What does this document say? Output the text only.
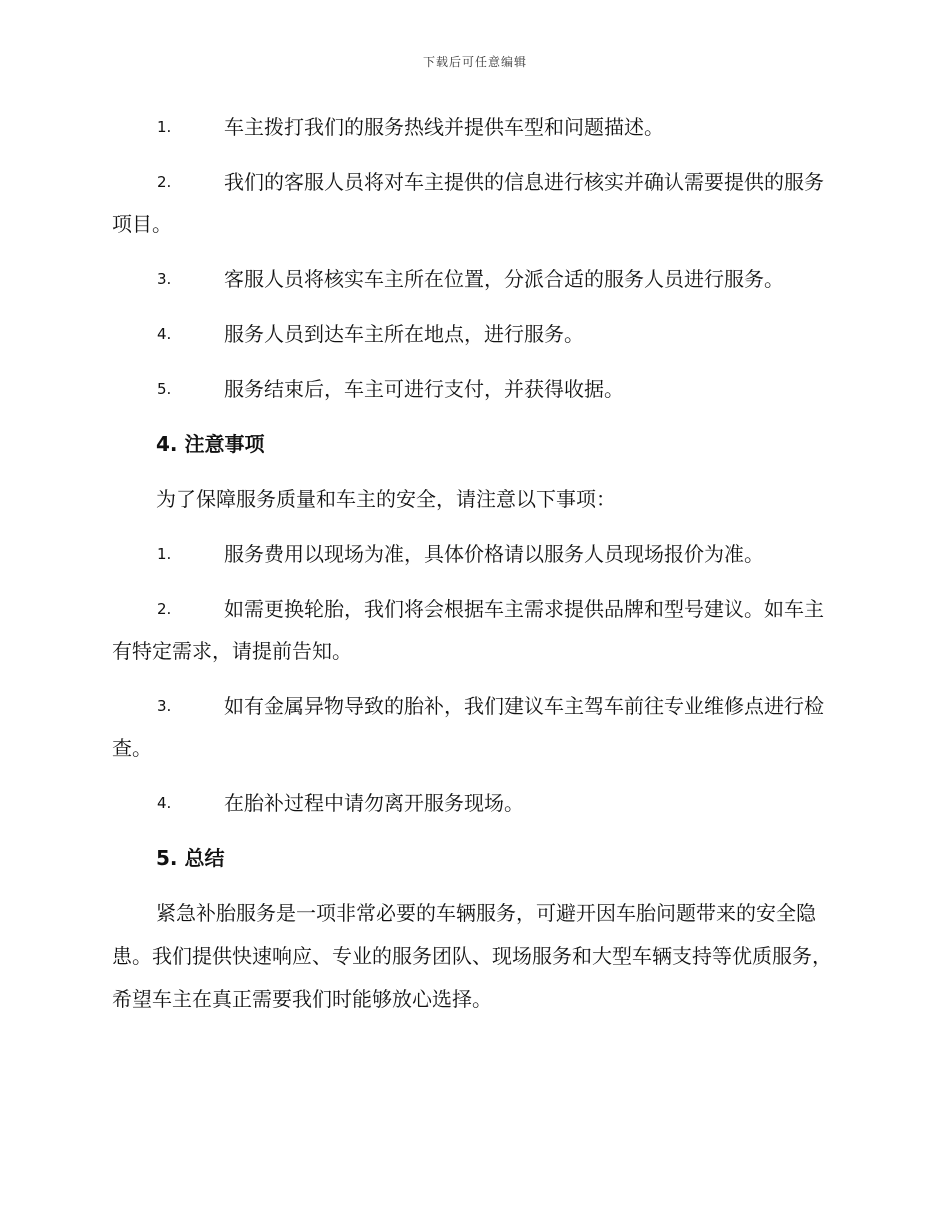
下载后可任意编辑
1.	车主拨打我们的服务热线并提供车型和问题描述。
2.	我们的客服人员将对车主提供的信息进行核实并确认需要提供的服务项目。
3.	客服人员将核实车主所在位置，分派合适的服务人员进行服务。
4.	服务人员到达车主所在地点，进行服务。
5.	服务结束后，车主可进行支付，并获得收据。
4. 注意事项
为了保障服务质量和车主的安全，请注意以下事项：
1.	服务费用以现场为准，具体价格请以服务人员现场报价为准。
2.	如需更换轮胎，我们将会根据车主需求提供品牌和型号建议。如车主有特定需求，请提前告知。
3.	如有金属异物导致的胎补，我们建议车主驾车前往专业维修点进行检查。
4.	在胎补过程中请勿离开服务现场。
5. 总结
紧急补胎服务是一项非常必要的车辆服务，可避开因车胎问题带来的安全隐患。我们提供快速响应、专业的服务团队、现场服务和大型车辆支持等优质服务，希望车主在真正需要我们时能够放心选择。
